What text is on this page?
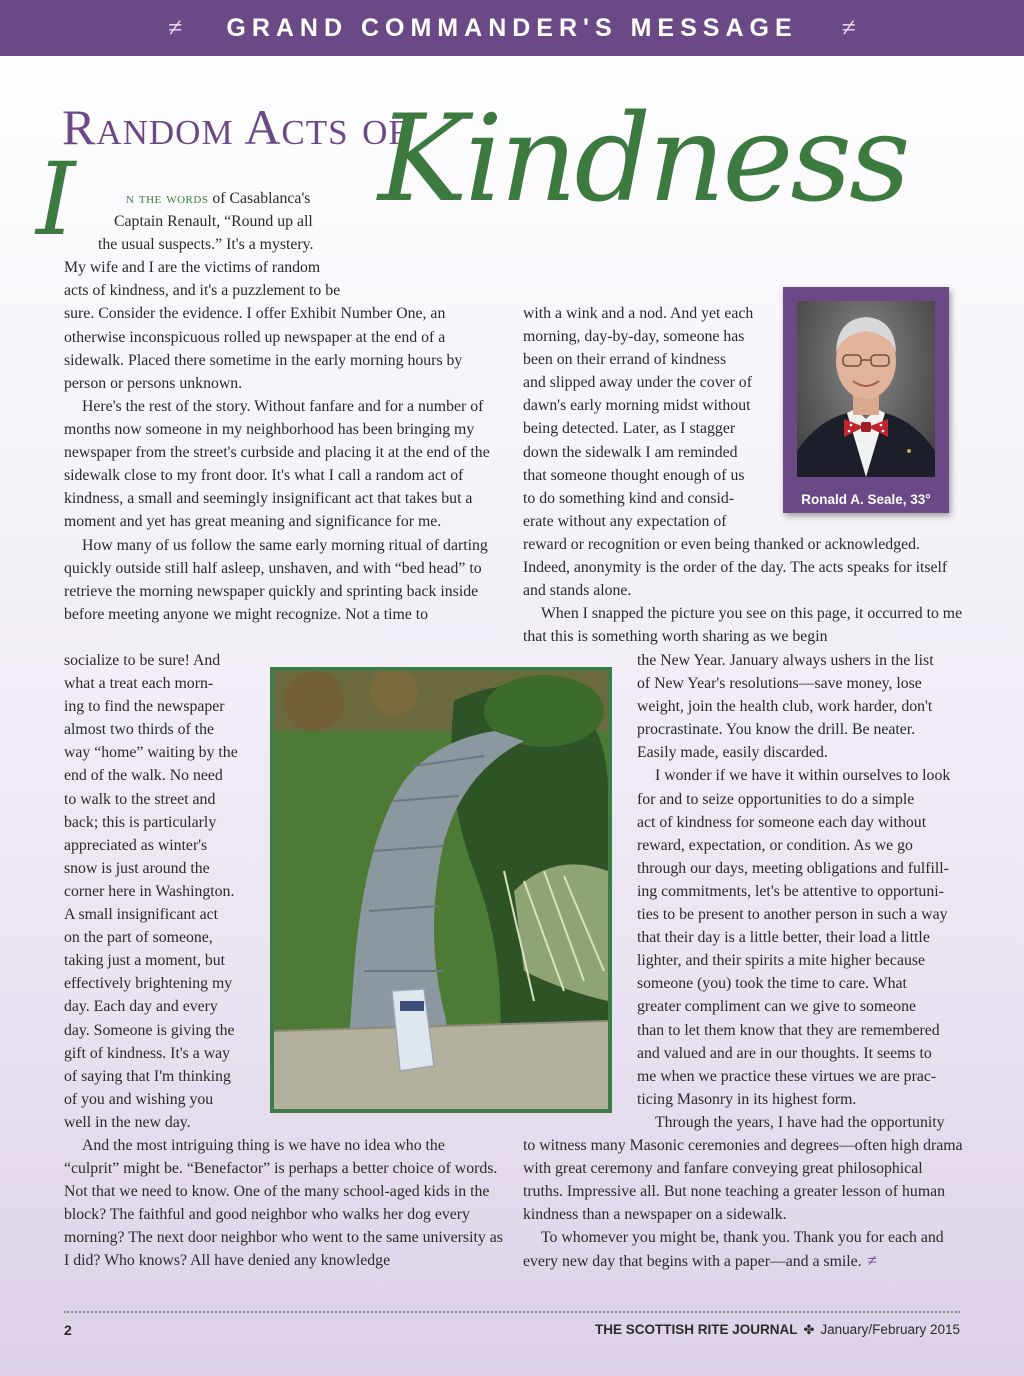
≠ GRAND COMMANDER'S MESSAGE ≠
Random Acts of
Kindness
I	n the words of Casablanca's
Captain Renault, “Round up all
the usual suspects.” It's a mystery.
My wife and I are the victims of random
acts of kindness, and it's a puzzlement to be
sure. Consider the evidence. I offer Exhibit Number One, an
otherwise inconspicuous rolled up newspaper at the end of a
sidewalk. Placed there sometime in the early morning hours by
person or persons unknown.

Here's the rest of the story. Without fanfare and for a number of months now someone in my neighborhood has been bringing my newspaper from the street's curbside and placing it at the end of the sidewalk close to my front door. It's what I call a random act of kindness, a small and seemingly insignificant act that takes but a moment and yet has great meaning and significance for me.

How many of us follow the same early morning ritual of darting quickly outside still half asleep, unshaven, and with “bed head” to retrieve the morning newspaper quickly and sprinting back inside before meeting anyone we might recognize. Not a time to

socialize to be sure! And
what a treat each morn-
ing to find the newspaper
almost two thirds of the
way “home” waiting by the
end of the walk. No need
to walk to the street and
back; this is particularly
appreciated as winter's
snow is just around the
corner here in Washington.
A small insignificant act
on the part of someone,
taking just a moment, but
effectively brightening my
day. Each day and every
day. Someone is giving the
gift of kindness. It's a way
of saying that I'm thinking
of you and wishing you
well in the new day.

And the most intriguing thing is we have no idea who the “culprit” might be. “Benefactor” is perhaps a better choice of words. Not that we need to know. One of the many school-aged kids in the block? The faithful and good neighbor who walks her dog every morning? The next door neighbor who went to the same university as I did? Who knows? All have denied any knowledge

with a wink and a nod. And yet each
morning, day-by-day, someone has
been on their errand of kindness
and slipped away under the cover of
dawn's early morning midst without
being detected. Later, as I stagger
down the sidewalk I am reminded
that someone thought enough of us
to do something kind and consid-
erate without any expectation of
Ronald A. Seale, 33°

reward or recognition or even being thanked or acknowledged. Indeed, anonymity is the order of the day. The acts speaks for itself and stands alone.

When I snapped the picture you see on this page, it occurred to me that this is something worth sharing as we begin

the New Year. January always ushers in the list
of New Year's resolutions—save money, lose
weight, join the health club, work harder, don't
procrastinate. You know the drill. Be neater.
Easily made, easily discarded.
I wonder if we have it within ourselves to look
for and to seize opportunities to do a simple
act of kindness for someone each day without
reward, expectation, or condition. As we go
through our days, meeting obligations and fulfill-
ing commitments, let's be attentive to opportuni-
ties to be present to another person in such a way
that their day is a little better, their load a little
lighter, and their spirits a mite higher because
someone (you) took the time to care. What
greater compliment can we give to someone
than to let them know that they are remembered
and valued and are in our thoughts. It seems to
me when we practice these virtues we are prac-
ticing Masonry in its highest form.
Through the years, I have had the opportunity

to witness many Masonic ceremonies and degrees—often high drama with great ceremony and fanfare conveying great philosophical truths. Impressive all. But none teaching a greater lesson of human kindness than a newspaper on a sidewalk.

To whomever you might be, thank you. Thank you for each and every new day that begins with a paper—and a smile. ≠

2	THE SCOTTISH RITE JOURNAL ✤ January/February 2015
